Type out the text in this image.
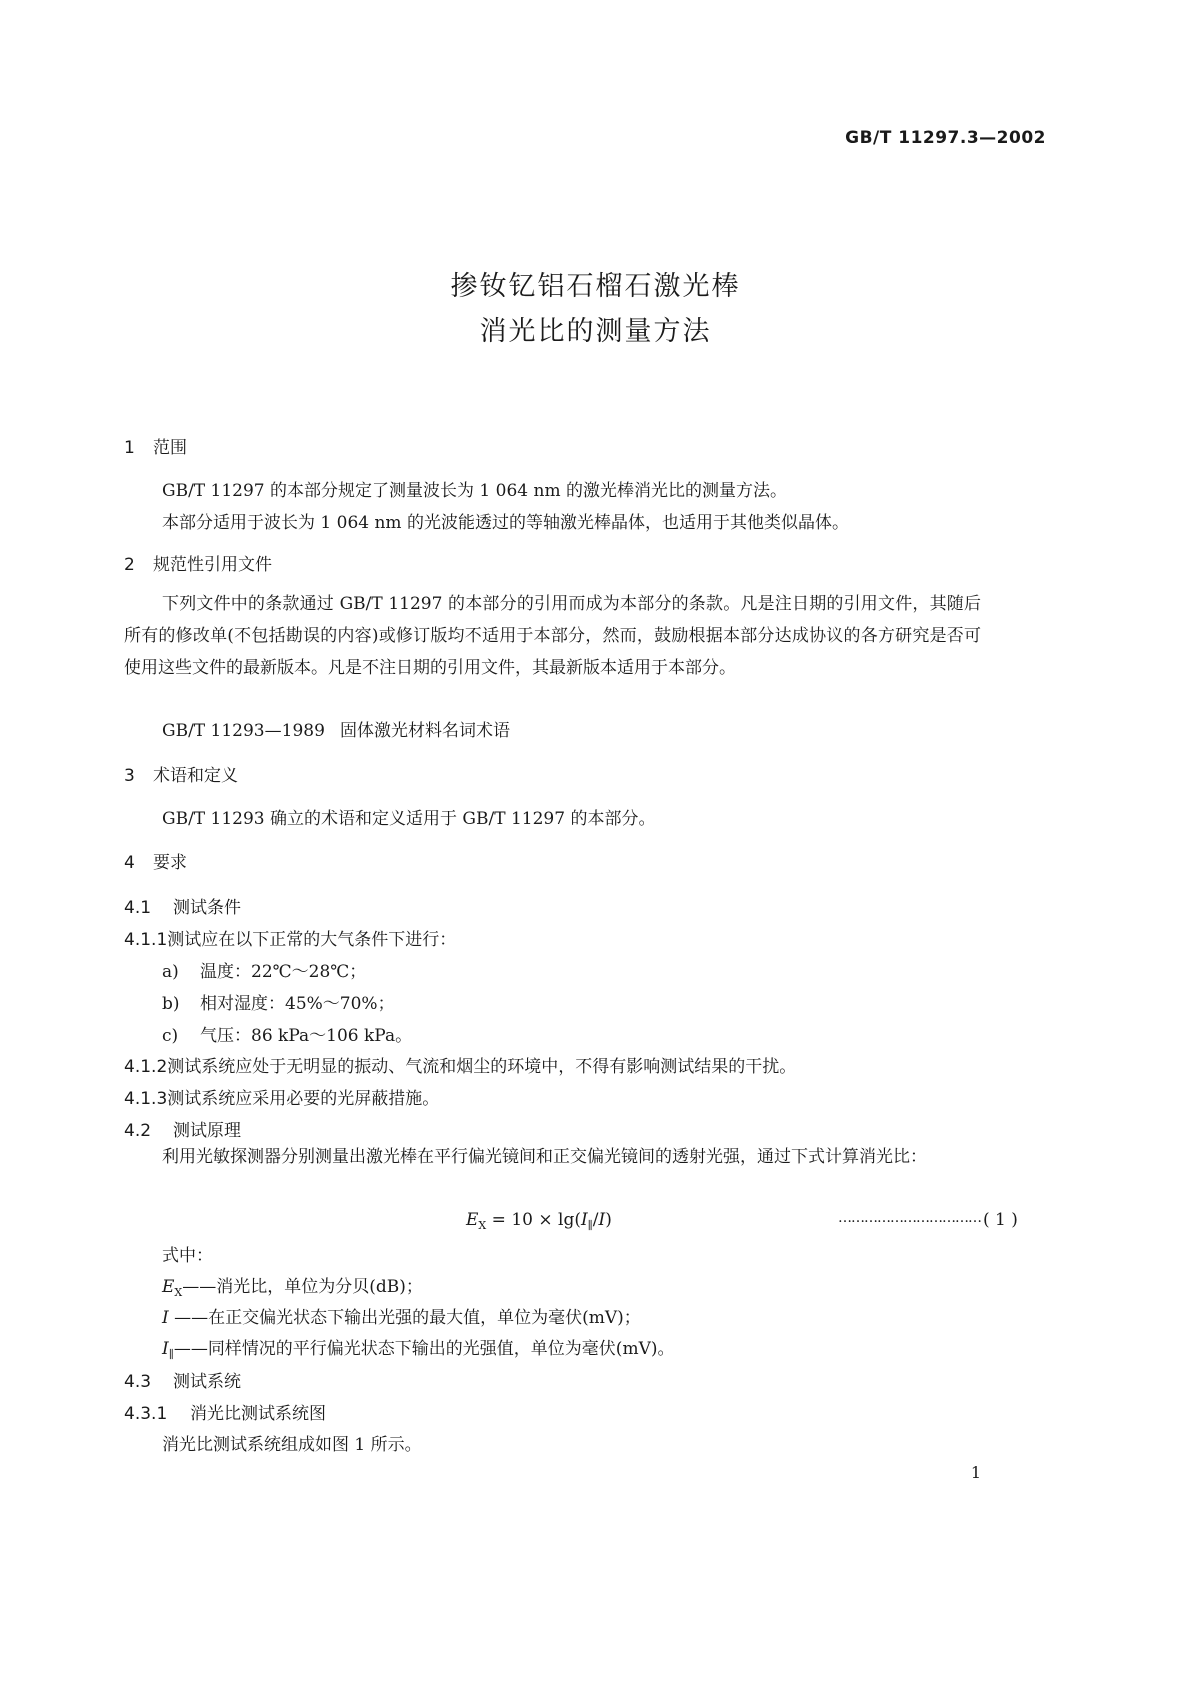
GB/T 11297.3—2002
掺钕钇铝石榴石激光棒
消光比的测量方法
1 范围
GB/T 11297 的本部分规定了测量波长为 1 064 nm 的激光棒消光比的测量方法。
本部分适用于波长为 1 064 nm 的光波能透过的等轴激光棒晶体，也适用于其他类似晶体。
2 规范性引用文件
下列文件中的条款通过 GB/T 11297 的本部分的引用而成为本部分的条款。凡是注日期的引用文件，其随后所有的修改单(不包括勘误的内容)或修订版均不适用于本部分，然而，鼓励根据本部分达成协议的各方研究是否可使用这些文件的最新版本。凡是不注日期的引用文件，其最新版本适用于本部分。
GB/T 11293—1989 固体激光材料名词术语
3 术语和定义
GB/T 11293 确立的术语和定义适用于 GB/T 11297 的本部分。
4 要求
4.1 测试条件
4.1.1测试应在以下正常的大气条件下进行：
a) 温度：22℃～28℃；
b) 相对湿度：45%～70%；
c) 气压：86 kPa～106 kPa。
4.1.2测试系统应处于无明显的振动、气流和烟尘的环境中，不得有影响测试结果的干扰。
4.1.3测试系统应采用必要的光屏蔽措施。
4.2 测试原理
利用光敏探测器分别测量出激光棒在平行偏光镜间和正交偏光镜间的透射光强，通过下式计算消光比：
$E_X = 10 \times \lg(I_\parallel/I)$	…………………………… ( 1 )
式中：
$E_X——$消光比，单位为分贝(dB)；
I ——在正交偏光状态下输出光强的最大值，单位为毫伏(mV)；
$I_\parallel——$同样情况的平行偏光状态下输出的光强值，单位为毫伏(mV)。
4.3 测试系统
4.3.1 消光比测试系统图
消光比测试系统组成如图 1 所示。
1
